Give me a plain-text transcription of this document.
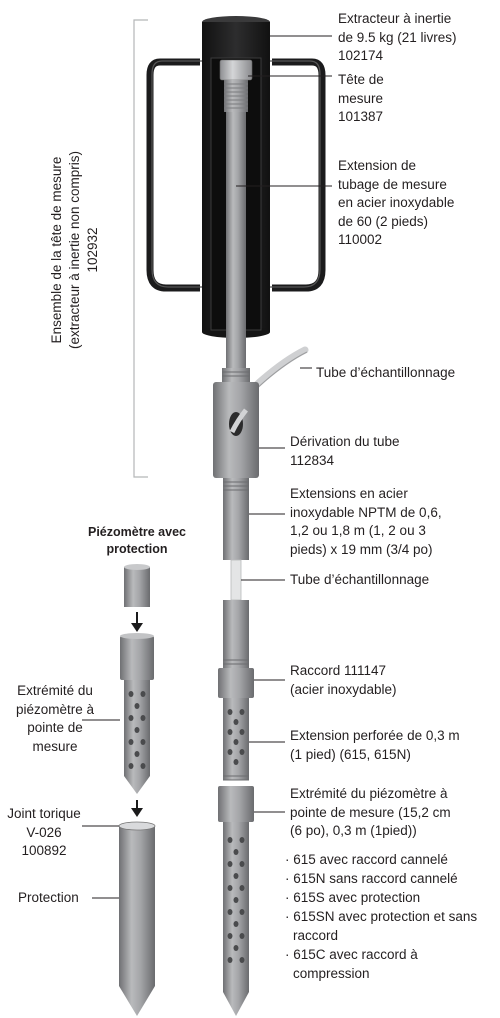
Ensemble de la tête de mesure
(extracteur à inertie non compris)
102932

Extracteur à inertie
de 9.5 kg (21 livres)
102174

Tête de
mesure
101387

Extension de
tubage de mesure
en acier inoxydable
de 60 (2 pieds)
110002

Tube d’échantillonnage

Dérivation du tube
112834

Extensions en acier
inoxydable NPTM de 0,6,
1,2 ou 1,8 m (1, 2 ou 3
pieds) x 19 mm (3/4 po)

Tube d’échantillonnage

Raccord 111147
(acier inoxydable)

Extension perforée de 0,3 m
(1 pied) (615, 615N)

Extrémité du piézomètre à
pointe de mesure (15,2 cm
(6 po), 0,3 m (1pied))

· 615 avec raccord cannelé
· 615N sans raccord cannelé
· 615S avec protection
· 615SN avec protection et sans raccord
· 615C avec raccord à compression

Piézomètre avec
protection

Extrémité du
piézomètre à
pointe de
mesure

Joint torique
V-026
100892

Protection
